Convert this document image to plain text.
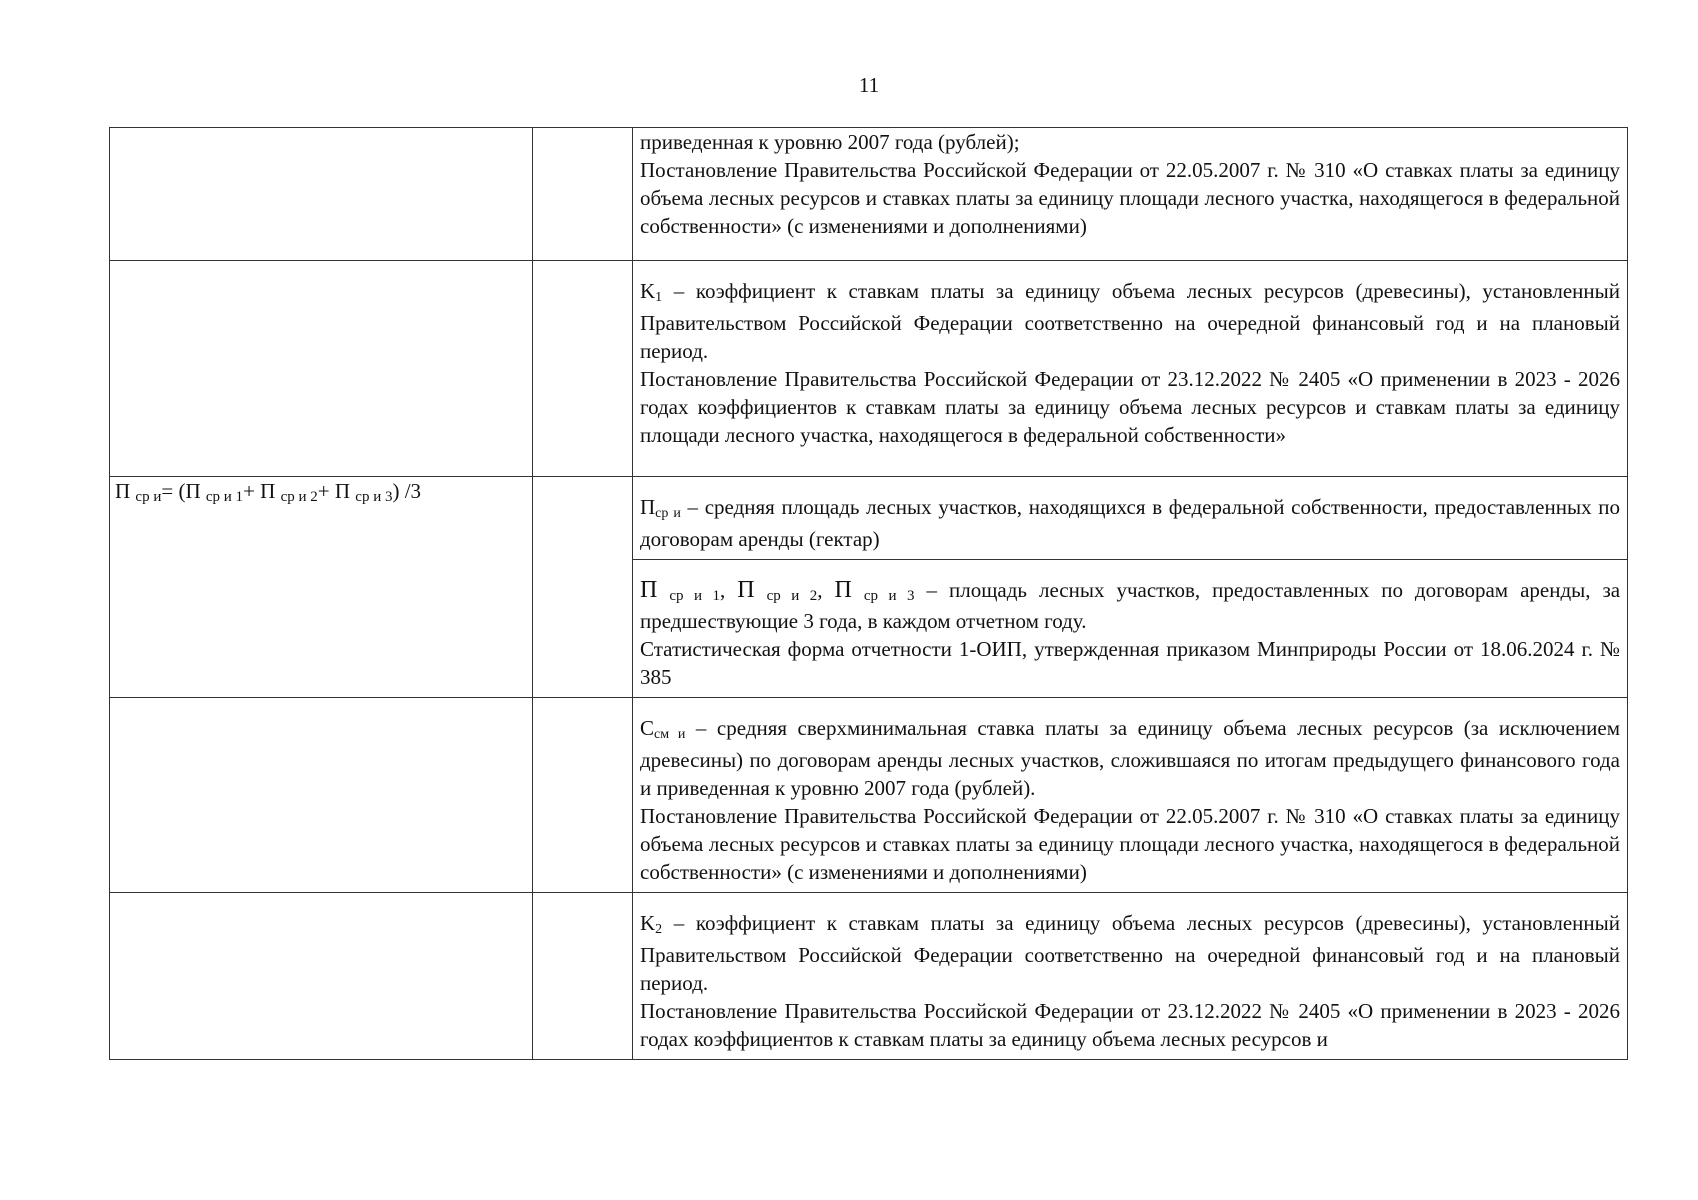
11

		приведенная к уровню 2007 года (рублей);

Постановление Правительства Российской Федерации от 22.05.2007 г. № 310 «О ставках платы за единицу объема лесных ресурсов и ставках платы за единицу площади лесного участка, находящегося в федеральной собственности» (с изменениями и дополнениями)

		K1 – коэффициент к ставкам платы за единицу объема лесных ресурсов (древесины), установленный Правительством Российской Федерации соответственно на очередной финансовый год и на плановый период.

Постановление Правительства Российской Федерации от 23.12.2022 № 2405 «О применении в 2023 - 2026 годах коэффициентов к ставкам платы за единицу объема лесных ресурсов и ставкам платы за единицу площади лесного участка, находящегося в федеральной собственности»

П ср и= (П ср и 1+ П ср и 2+ П ср и 3) /3		Пср и – средняя площадь лесных участков, находящихся в федеральной собственности, предоставленных по договорам аренды (гектар)

		П ср и 1, П ср и 2, П ср и 3 – площадь лесных участков, предоставленных по договорам аренды, за предшествующие 3 года, в каждом отчетном году.

Статистическая форма отчетности 1-ОИП, утвержденная приказом Минприроды России от 18.06.2024 г. № 385

		Ссм и – средняя сверхминимальная ставка платы за единицу объема лесных ресурсов (за исключением древесины) по договорам аренды лесных участков, сложившаяся по итогам предыдущего финансового года и приведенная к уровню 2007 года (рублей).

Постановление Правительства Российской Федерации от 22.05.2007 г. № 310 «О ставках платы за единицу объема лесных ресурсов и ставках платы за единицу площади лесного участка, находящегося в федеральной собственности» (с изменениями и дополнениями)

		K2 – коэффициент к ставкам платы за единицу объема лесных ресурсов (древесины), установленный Правительством Российской Федерации соответственно на очередной финансовый год и на плановый период.

Постановление Правительства Российской Федерации от 23.12.2022 № 2405 «О применении в 2023 - 2026 годах коэффициентов к ставкам платы за единицу объема лесных ресурсов и
